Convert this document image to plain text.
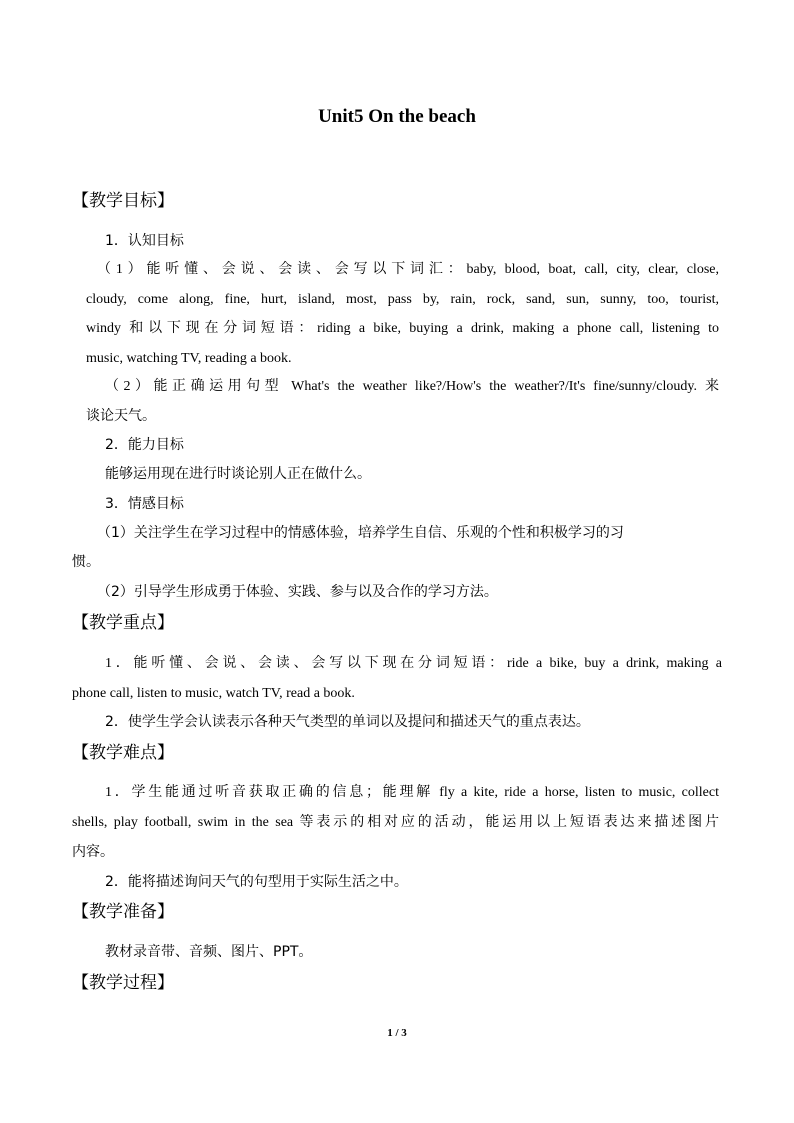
Unit5 On the beach
【教学目标】

1．认知目标

（1）能听懂、会说、会读、会写以下词汇：baby, blood, boat, call, city, clear, close,

cloudy, come along, fine, hurt, island, most, pass by, rain, rock, sand, sun, sunny, too, tourist,

windy 和以下现在分词短语：riding a bike, buying a drink, making a phone call, listening to

music, watching TV, reading a book.

（2）能正确运用句型 What's the weather like?/How's the weather?/It's fine/sunny/cloudy. 来

谈论天气。

2．能力目标

能够运用现在进行时谈论别人正在做什么。

3．情感目标

（1）关注学生在学习过程中的情感体验，培养学生自信、乐观的个性和积极学习的习

惯。

（2）引导学生形成勇于体验、实践、参与以及合作的学习方法。

【教学重点】

1．能听懂、会说、会读、会写以下现在分词短语：ride a bike, buy a drink, making a

phone call, listen to music, watch TV, read a book.

2．使学生学会认读表示各种天气类型的单词以及提问和描述天气的重点表达。

【教学难点】

1．学生能通过听音获取正确的信息；能理解 fly a kite, ride a horse, listen to music, collect

shells, play football, swim in the sea 等表示的相对应的活动，能运用以上短语表达来描述图片

内容。

2．能将描述询问天气的句型用于实际生活之中。

【教学准备】

教材录音带、音频、图片、PPT。

【教学过程】
1 / 3
